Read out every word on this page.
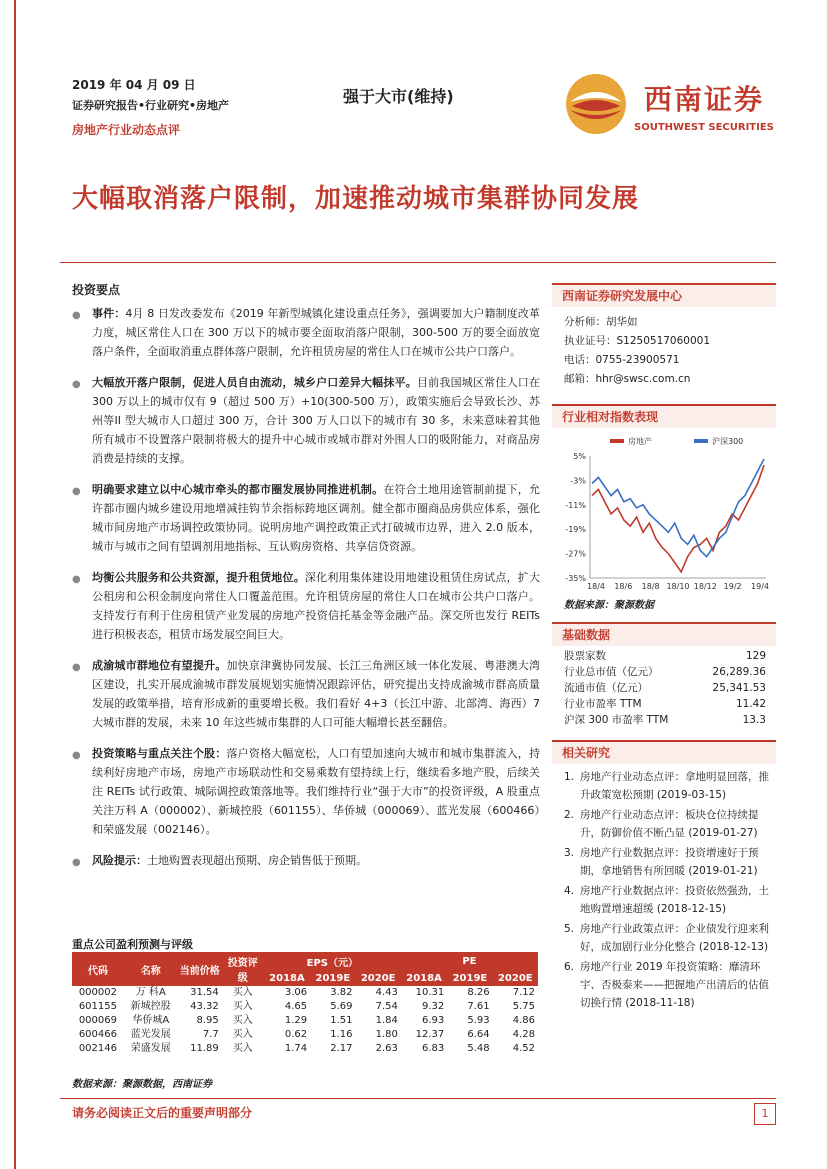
2019 年 04 月 09 日
证券研究报告•行业研究•房地产
房地产行业动态点评
强于大市(维持)	西南证券
SOUTHWEST SECURITIES
大幅取消落户限制，加速推动城市集群协同发展
投资要点
● 事件：4月 8 日发改委发布《2019 年新型城镇化建设重点任务》，强调要加大户籍制度改革力度，城区常住人口在 300 万以下的城市要全面取消落户限制，300-500 万的要全面放宽落户条件，全面取消重点群体落户限制，允许租赁房屋的常住人口在城市公共户口落户。
● 大幅放开落户限制，促进人员自由流动，城乡户口差异大幅抹平。目前我国城区常住人口在 300 万以上的城市仅有 9（超过 500 万）+10(300-500 万），政策实施后会导致长沙、苏州等II 型大城市人口超过 300 万，合计 300 万人口以下的城市有 30 多，未来意味着其他所有城市不设置落户限制将极大的提升中心城市或城市群对外围人口的吸附能力，对商品房消费是持续的支撑。
● 明确要求建立以中心城市牵头的都市圈发展协同推进机制。在符合土地用途管制前提下，允许都市圈内城乡建设用地增减挂钩节余指标跨地区调剂。健全都市圈商品房供应体系，强化城市间房地产市场调控政策协同。说明房地产调控政策正式打破城市边界，进入 2.0 版本，城市与城市之间有望调剂用地指标、互认购房资格、共享信贷资源。
● 均衡公共服务和公共资源，提升租赁地位。深化利用集体建设用地建设租赁住房试点，扩大公租房和公积金制度向常住人口覆盖范围。允许租赁房屋的常住人口在城市公共户口落户。支持发行有利于住房租赁产业发展的房地产投资信托基金等金融产品。深交所也发行 REITs 进行积极表态，租赁市场发展空间巨大。
● 成渝城市群地位有望提升。加快京津冀协同发展、长江三角洲区域一体化发展、粤港澳大湾区建设，扎实开展成渝城市群发展规划实施情况跟踪评估，研究提出支持成渝城市群高质量发展的政策举措，培育形成新的重要增长极。我们看好 4+3（长江中游、北部湾、海西）7 大城市群的发展，未来 10 年这些城市集群的人口可能大幅增长甚至翻倍。
● 投资策略与重点关注个股：落户资格大幅宽松，人口有望加速向大城市和城市集群流入，持续利好房地产市场，房地产市场联动性和交易乘数有望持续上行，继续看多地产股，后续关注 REITs 试行政策、城际调控政策落地等。我们维持行业“强于大市”的投资评级，A 股重点关注万科 A（000002）、新城控股（601155）、华侨城（000069）、蓝光发展（600466）和荣盛发展（002146）。
● 风险提示：土地购置表现超出预期、房企销售低于预期。
西南证券研究发展中心
分析师：胡华如
执业证号：S1250517060001
电话：0755-23900571
邮箱：hhr@swsc.com.cn
行业相对指数表现
5%
-3%
-11%
-19%
-27%
-35%
18/4 18/6 18/8 18/10 18/12 19/2 19/4
房地产	沪深300
数据来源：聚源数据
基础数据
股票家数	129
行业总市值（亿元）	26,289.36
流通市值（亿元）	25,341.53
行业市盈率 TTM	11.42
沪深 300 市盈率 TTM	13.3
相关研究
1. 房地产行业动态点评：拿地明显回落，推升政策宽松预期 (2019-03-15)
2. 房地产行业动态点评：板块仓位持续提升，防御价值不断凸显 (2019-01-27)
3. 房地产行业数据点评：投资增速好于预期，拿地销售有所回暖 (2019-01-21)
4. 房地产行业数据点评：投资依然强劲，土地购置增速超缓 (2018-12-15)
5. 房地产行业政策点评：企业债发行迎来利好，成加剧行业分化整合 (2018-12-13)
6. 房地产行业 2019 年投资策略：靡清环宇、否极泰来——把握地产出清后的估值切换行情 (2018-11-18)
重点公司盈利预测与评级
代码	名称	当前价格	投资评级	EPS（元）			PE		
				2018A	2019E	2020E	2018A	2019E	2020E
000002	万 科A	31.54	买入	3.06	3.82	4.43	10.31	8.26	7.12
601155	新城控股	43.32	买入	4.65	5.69	7.54	9.32	7.61	5.75
000069	华侨城A	8.95	买入	1.29	1.51	1.84	6.93	5.93	4.86
600466	蓝光发展	7.7	买入	0.62	1.16	1.80	12.37	6.64	4.28
002146	荣盛发展	11.89	买入	1.74	2.17	2.63	6.83	5.48	4.52
数据来源：聚源数据，西南证券
请务必阅读正文后的重要声明部分	1
